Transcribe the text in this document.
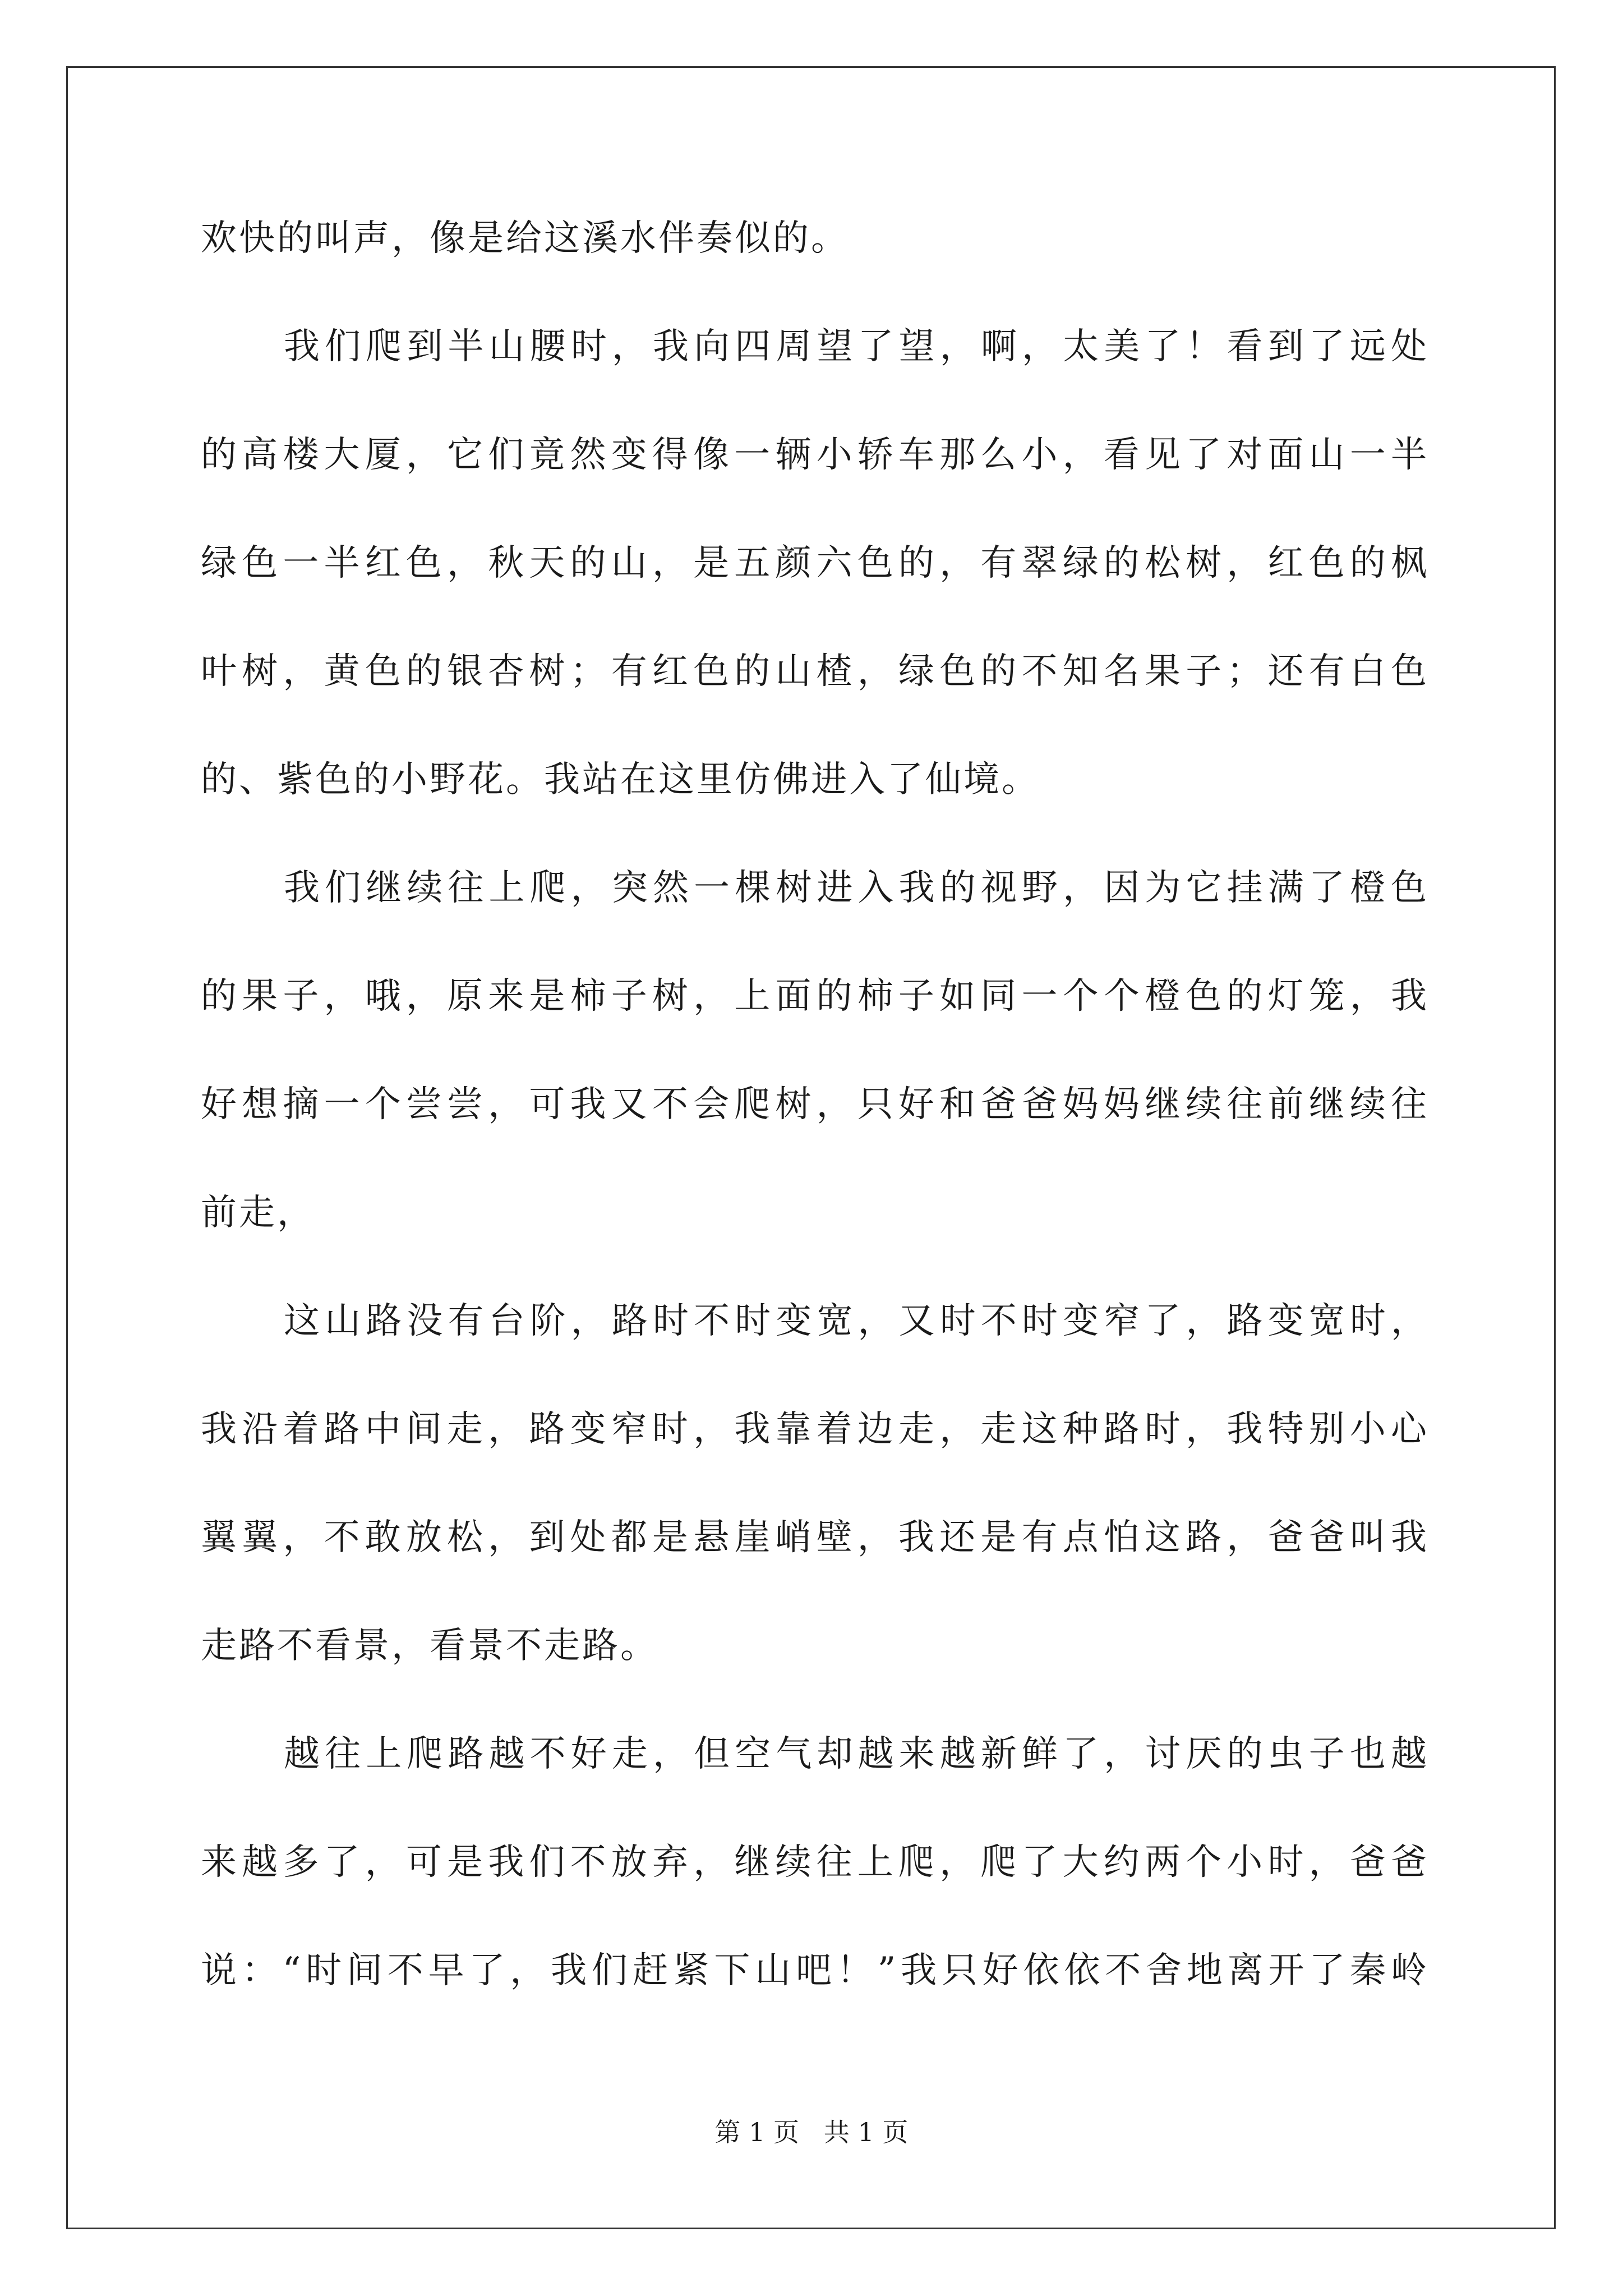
欢快的叫声，像是给这溪水伴奏似的。
我们爬到半山腰时，我向四周望了望，啊，太美了！看到了远处
的高楼大厦，它们竟然变得像一辆小轿车那么小，看见了对面山一半
绿色一半红色，秋天的山，是五颜六色的，有翠绿的松树，红色的枫
叶树，黄色的银杏树；有红色的山楂，绿色的不知名果子；还有白色
的、紫色的小野花。我站在这里仿佛进入了仙境。
我们继续往上爬，突然一棵树进入我的视野，因为它挂满了橙色
的果子，哦，原来是柿子树，上面的柿子如同一个个橙色的灯笼，我
好想摘一个尝尝，可我又不会爬树，只好和爸爸妈妈继续往前继续往
前走，
这山路没有台阶，路时不时变宽，又时不时变窄了，路变宽时，
我沿着路中间走，路变窄时，我靠着边走，走这种路时，我特别小心
翼翼，不敢放松，到处都是悬崖峭壁，我还是有点怕这路，爸爸叫我
走路不看景，看景不走路。
越往上爬路越不好走，但空气却越来越新鲜了，讨厌的虫子也越
来越多了，可是我们不放弃，继续往上爬，爬了大约两个小时，爸爸
说：“时间不早了，我们赶紧下山吧！”我只好依依不舍地离开了秦岭
第 1 页   共 1 页
